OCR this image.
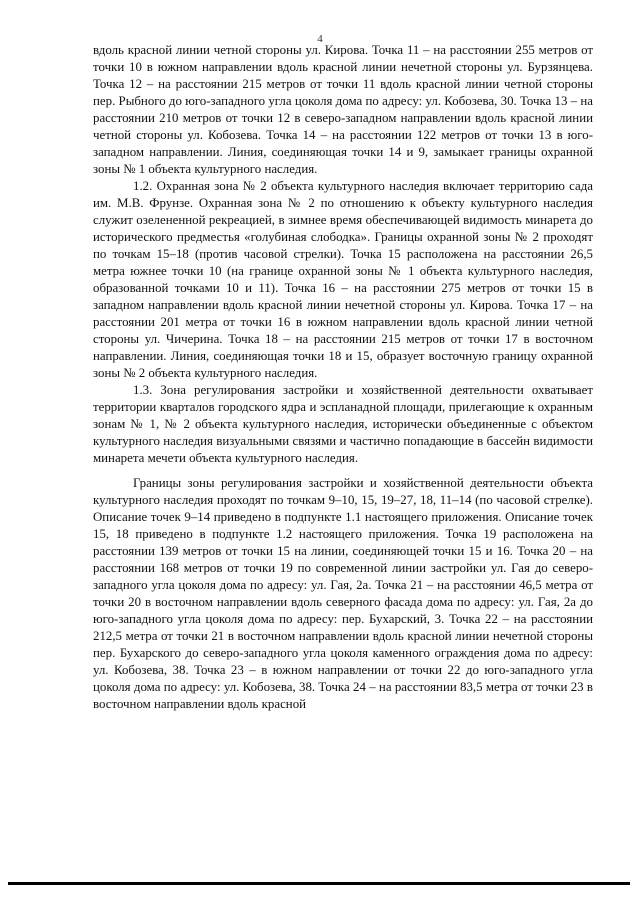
4

вдоль красной линии четной стороны ул. Кирова. Точка 11 – на расстоянии 255 метров от точки 10 в южном направлении вдоль красной линии нечетной стороны ул. Бурзянцева. Точка 12 – на расстоянии 215 метров от точки 11 вдоль красной линии четной стороны пер. Рыбного до юго-западного угла цоколя дома по адресу: ул. Кобозева, 30. Точка 13 – на расстоянии 210 метров от точки 12 в северо-западном направлении вдоль красной линии четной стороны ул. Кобозева. Точка 14 – на расстоянии 122 метров от точки 13 в юго-западном направлении. Линия, соединяющая точки 14 и 9, замыкает границы охранной зоны № 1 объекта культурного наследия.

1.2. Охранная зона № 2 объекта культурного наследия включает территорию сада им. М.В. Фрунзе. Охранная зона № 2 по отношению к объекту культурного наследия служит озелененной рекреацией, в зимнее время обеспечивающей видимость минарета до исторического предместья «голубиная слободка». Границы охранной зоны № 2 проходят по точкам 15–18 (против часовой стрелки). Точка 15 расположена на расстоянии 26,5 метра южнее точки 10 (на границе охранной зоны № 1 объекта культурного наследия, образованной точками 10 и 11). Точка 16 – на расстоянии 275 метров от точки 15 в западном направлении вдоль красной линии нечетной стороны ул. Кирова. Точка 17 – на расстоянии 201 метра от точки 16 в южном направлении вдоль красной линии четной стороны ул. Чичерина. Точка 18 – на расстоянии 215 метров от точки 17 в восточном направлении. Линия, соединяющая точки 18 и 15, образует восточную границу охранной зоны № 2 объекта культурного наследия.

1.3. Зона регулирования застройки и хозяйственной деятельности охватывает территории кварталов городского ядра и эспланадной площади, прилегающие к охранным зонам № 1, № 2 объекта культурного наследия, исторически объединенные с объектом культурного наследия визуальными связями и частично попадающие в бассейн видимости минарета мечети объекта культурного наследия.

Границы зоны регулирования застройки и хозяйственной деятельности объекта культурного наследия проходят по точкам 9–10, 15, 19–27, 18, 11–14 (по часовой стрелке). Описание точек 9–14 приведено в подпункте 1.1 настоящего приложения. Описание точек 15, 18 приведено в подпункте 1.2 настоящего приложения. Точка 19 расположена на расстоянии 139 метров от точки 15 на линии, соединяющей точки 15 и 16. Точка 20 – на расстоянии 168 метров от точки 19 по современной линии застройки ул. Гая до северо-западного угла цоколя дома по адресу: ул. Гая, 2а. Точка 21 – на расстоянии 46,5 метра от точки 20 в восточном направлении вдоль северного фасада дома по адресу: ул. Гая, 2а до юго-западного угла цоколя дома по адресу: пер. Бухарский, 3. Точка 22 – на расстоянии 212,5 метра от точки 21 в восточном направлении вдоль красной линии нечетной стороны пер. Бухарского до северо-западного угла цоколя каменного ограждения дома по адресу: ул. Кобозева, 38. Точка 23 – в южном направлении от точки 22 до юго-западного угла цоколя дома по адресу: ул. Кобозева, 38. Точка 24 – на расстоянии 83,5 метра от точки 23 в восточном направлении вдоль красной
